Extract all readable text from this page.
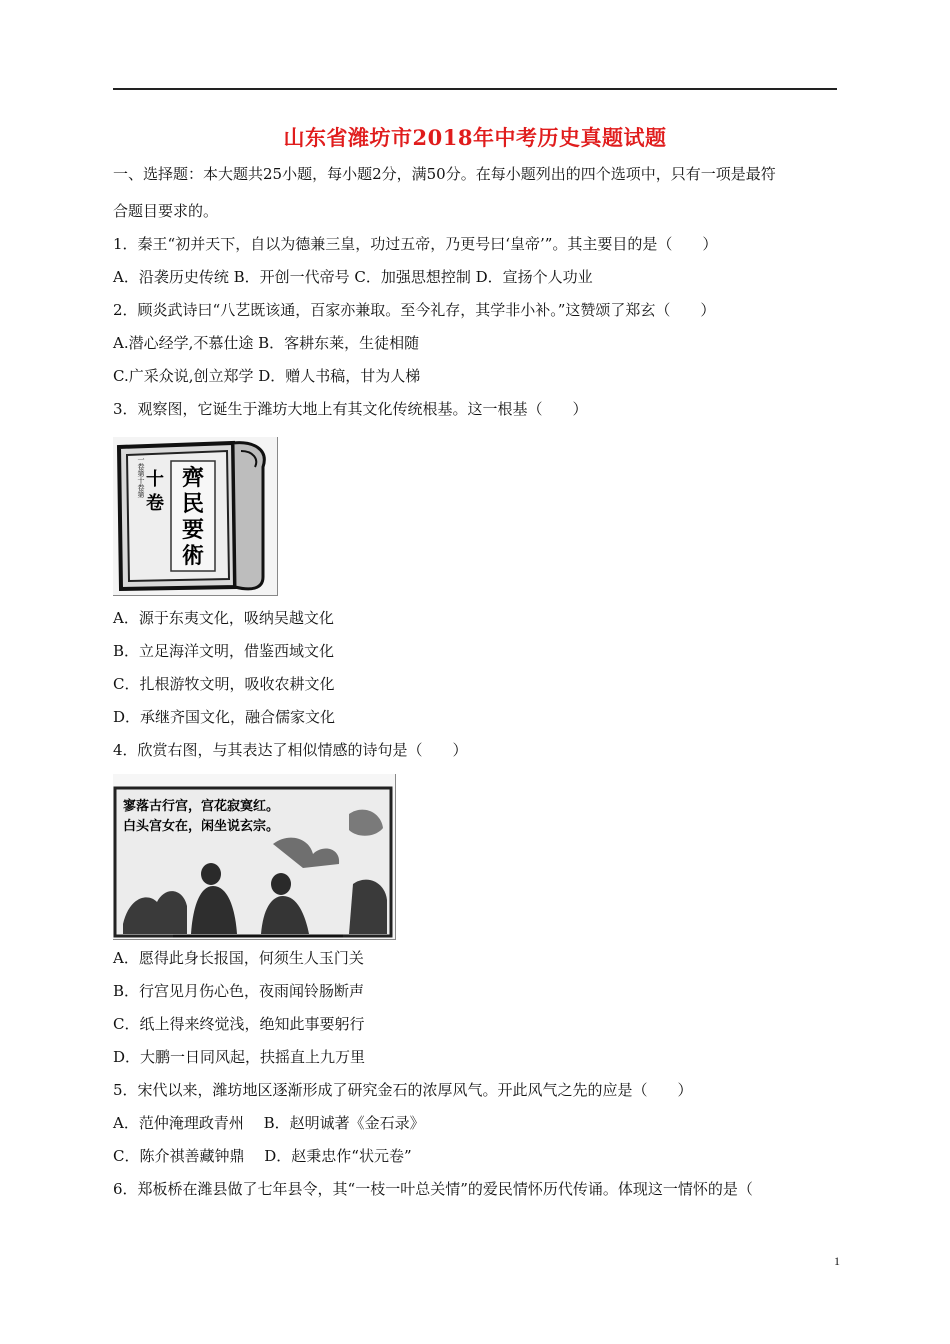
山东省潍坊市2018年中考历史真题试题
一、选择题：本大题共25小题，每小题2分，满50分。在每小题列出的四个选项中，只有一项是最符
合题目要求的。
1．秦王“初并天下，自以为德兼三皇，功过五帝，乃更号曰‘皇帝’”。其主要目的是（　　）
A．沿袭历史传统 B．开创一代帝号 C．加强思想控制 D．宣扬个人功业
2．顾炎武诗曰“八艺既该通，百家亦兼取。至今礼存，其学非小补。”这赞颂了郑玄（　　）
A.潜心经学,不慕仕途 B．客耕东莱，生徒相随
C.广采众说,创立郑学 D．赠人书稿，甘为人梯
3．观察图，它诞生于潍坊大地上有其文化传统根基。这一根基（　　）
齊
民
要
術
十
卷
一卷第十卷第
A．源于东夷文化，吸纳吴越文化
B．立足海洋文明，借鉴西域文化
C．扎根游牧文明，吸收农耕文化
D．承继齐国文化，融合儒家文化
4．欣赏右图，与其表达了相似情感的诗句是（　　）
寥落古行宫，宫花寂寞红。
白头宫女在，闲坐说玄宗。
A．愿得此身长报国，何须生人玉门关
B．行宫见月伤心色，夜雨闻铃肠断声
C．纸上得来终觉浅，绝知此事要躬行
D．大鹏一日同风起，扶摇直上九万里
5．宋代以来，潍坊地区逐渐形成了研究金石的浓厚风气。开此风气之先的应是（　　）
A．范仲淹理政青州　 B．赵明诚著《金石录》
C．陈介祺善藏钟鼎　 D．赵秉忠作“状元卷”
6．郑板桥在潍县做了七年县令，其“一枝一叶总关情”的爱民情怀历代传诵。体现这一情怀的是（
1
